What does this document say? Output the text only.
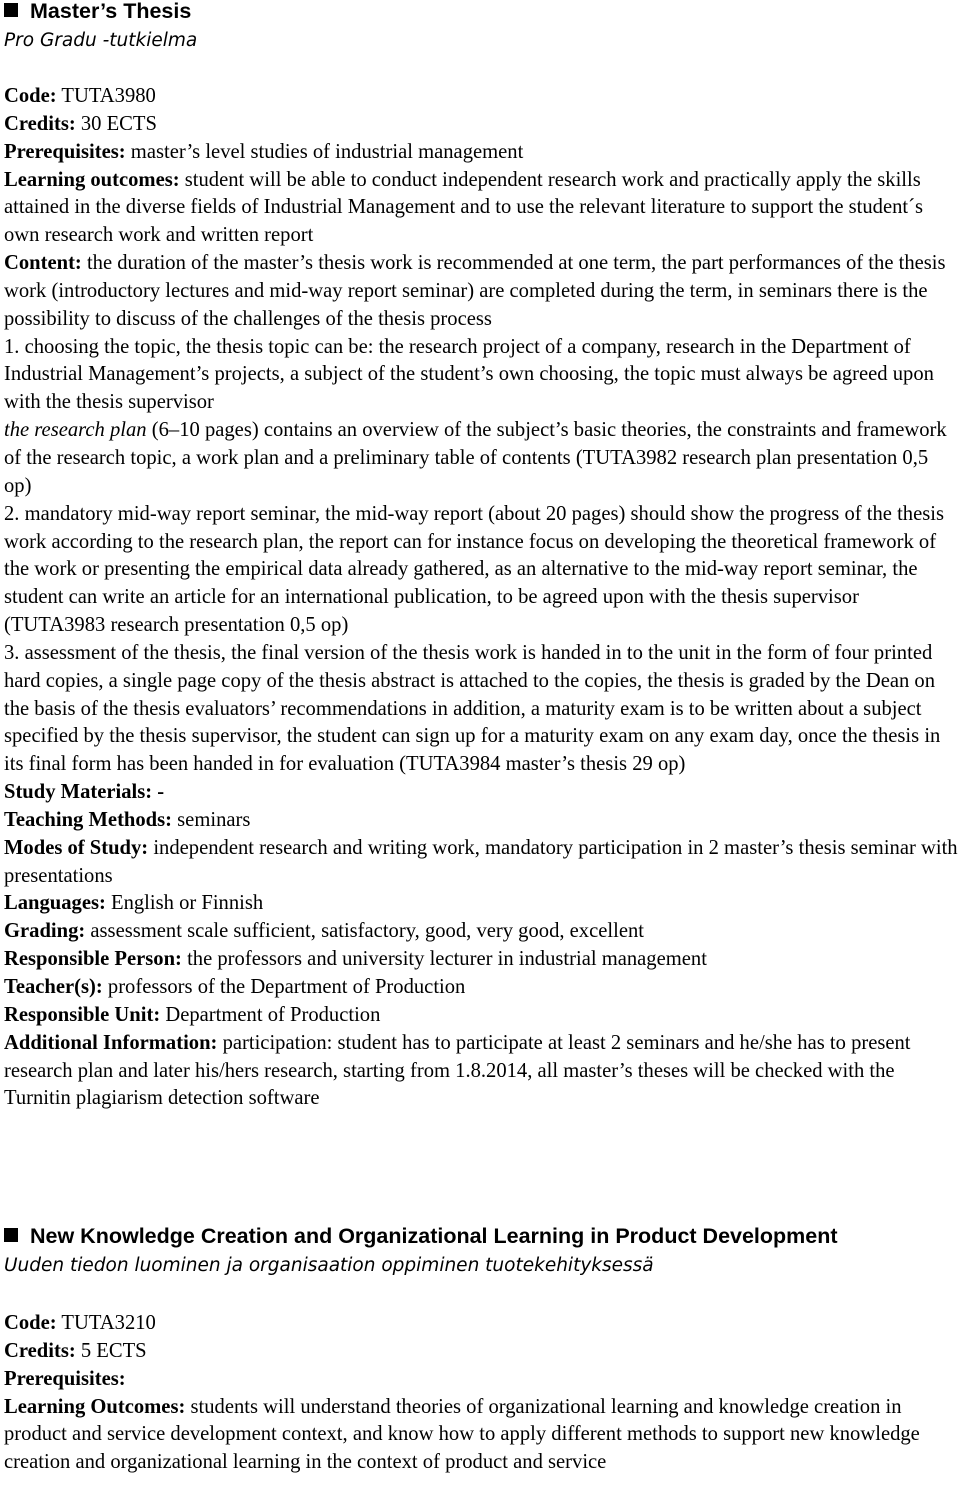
Master’s Thesis
Pro Gradu -tutkielma

Code: TUTA3980

Credits: 30 ECTS

Prerequisites: master’s level studies of industrial management

Learning outcomes: student will be able to conduct independent research work and practically apply the skills attained in the diverse fields of Industrial Management and to use the relevant literature to support the student´s own research work and written report

Content: the duration of the master’s thesis work is recommended at one term, the part performances of the thesis work (introductory lectures and mid-way report seminar) are completed during the term, in seminars there is the possibility to discuss of the challenges of the thesis process

1. choosing the topic, the thesis topic can be: the research project of a company, research in the Department of Industrial Management’s projects, a subject of the student’s own choosing, the topic must always be agreed upon with the thesis supervisor

the research plan (6–10 pages) contains an overview of the subject’s basic theories, the constraints and framework of the research topic, a work plan and a preliminary table of contents (TUTA3982 research plan presentation 0,5 op)

2. mandatory mid-way report seminar, the mid-way report (about 20 pages) should show the progress of the thesis work according to the research plan, the report can for instance focus on developing the theoretical framework of the work or presenting the empirical data already gathered, as an alternative to the mid-way report seminar, the student can write an article for an international publication, to be agreed upon with the thesis supervisor (TUTA3983 research presentation 0,5 op)

3. assessment of the thesis, the final version of the thesis work is handed in to the unit in the form of four printed hard copies, a single page copy of the thesis abstract is attached to the copies, the thesis is graded by the Dean on the basis of the thesis evaluators’ recommendations in addition, a maturity exam is to be written about a subject specified by the thesis supervisor, the student can sign up for a maturity exam on any exam day, once the thesis in its final form has been handed in for evaluation (TUTA3984 master’s thesis 29 op)

Study Materials: -

Teaching Methods: seminars

Modes of Study: independent research and writing work, mandatory participation in 2 master’s thesis seminar with presentations

Languages: English or Finnish

Grading: assessment scale sufficient, satisfactory, good, very good, excellent

Responsible Person: the professors and university lecturer in industrial management

Teacher(s): professors of the Department of Production

Responsible Unit: Department of Production

Additional Information: participation: student has to participate at least 2 seminars and he/she has to present research plan and later his/hers research, starting from 1.8.2014, all master’s theses will be checked with the Turnitin plagiarism detection software

New Knowledge Creation and Organizational Learning in Product Development
Uuden tiedon luominen ja organisaation oppiminen tuotekehityksessä

Code: TUTA3210

Credits: 5 ECTS

Prerequisites:

Learning Outcomes: students will understand theories of organizational learning and knowledge creation in product and service development context, and know how to apply different methods to support new knowledge creation and organizational learning in the context of product and service
